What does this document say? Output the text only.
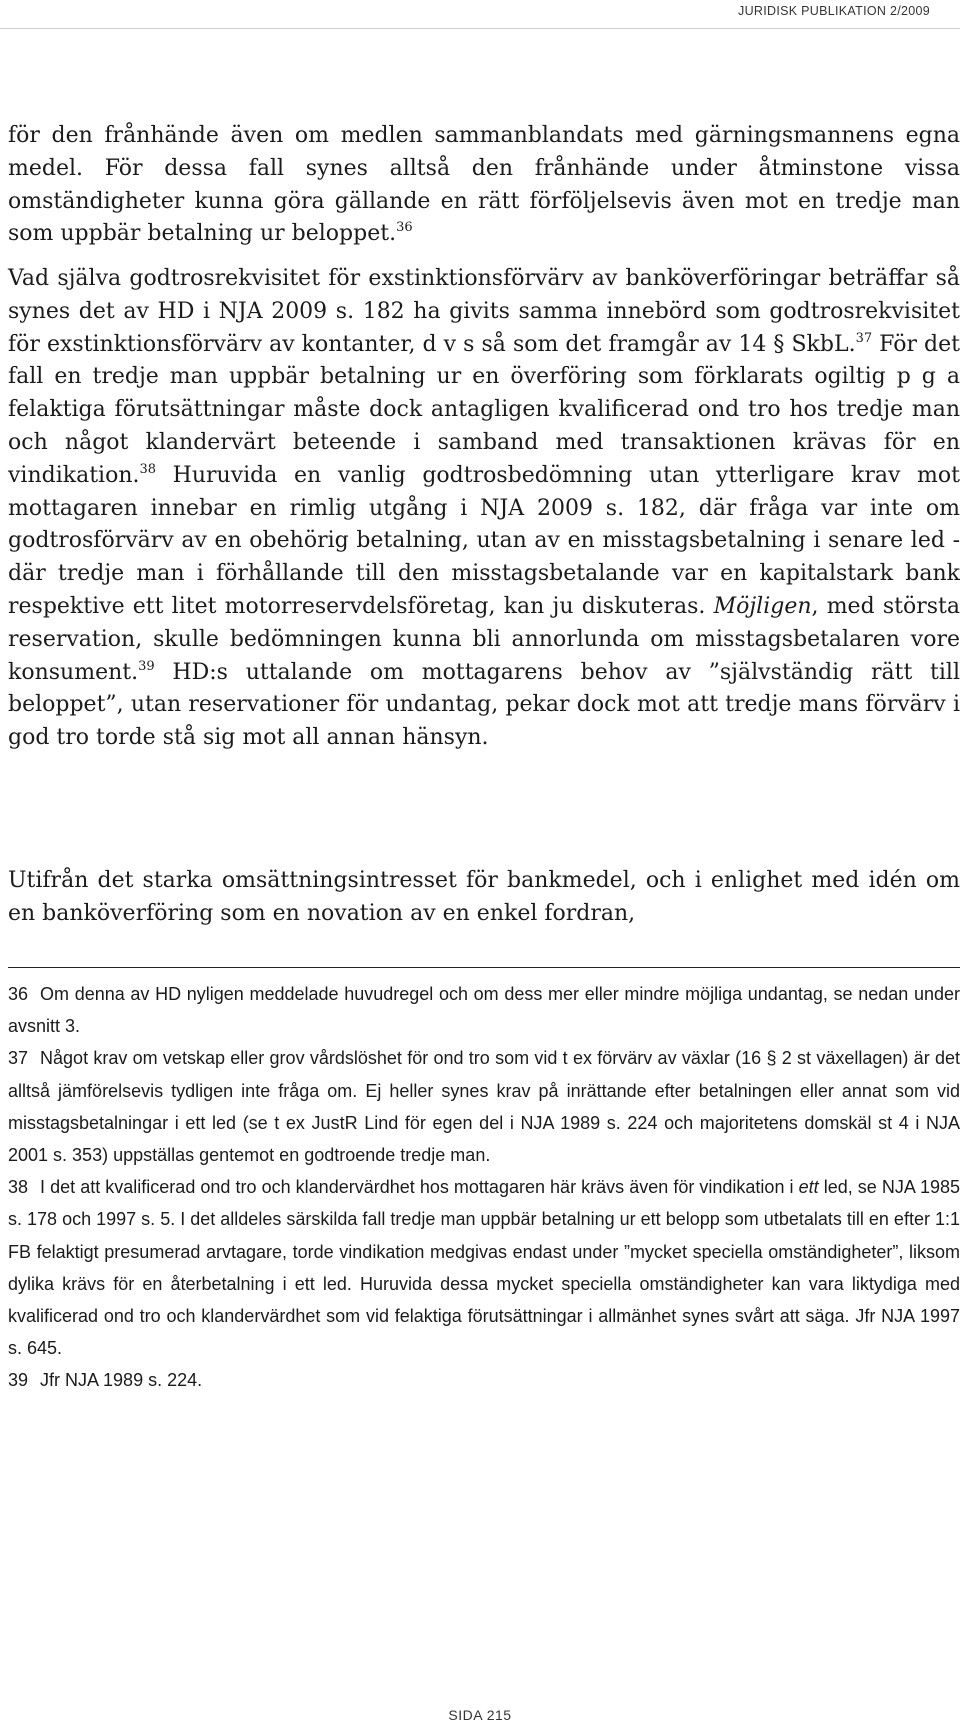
JURIDISK PUBLIKATION 2/2009

för den frånhände även om medlen sammanblandats med gärningsmannens egna medel. För dessa fall synes alltså den frånhände under åtminstone vissa omständigheter kunna göra gällande en rätt förföljelsevis även mot en tredje man som uppbär betalning ur beloppet.$^{36}$

Vad själva godtrosrekvisitet för exstinktionsförvärv av banköverföringar beträffar så synes det av HD i NJA 2009 s. 182 ha givits samma innebörd som godtrosrekvisitet för exstinktionsförvärv av kontanter, d v s så som det framgår av 14 § SkbL.$^{37}$ För det fall en tredje man uppbär betalning ur en överföring som förklarats ogiltig p g a felaktiga förutsättningar måste dock antagligen kvalificerad ond tro hos tredje man och något klandervärt beteende i samband med transaktionen krävas för en vindikation.$^{38}$ Huruvida en vanlig godtrosbedömning utan ytterligare krav mot mottagaren innebar en rimlig utgång i NJA 2009 s. 182, där fråga var inte om godtrosförvärv av en obehörig betalning, utan av en misstagsbetalning i senare led - där tredje man i förhållande till den misstagsbetalande var en kapitalstark bank respektive ett litet motorreservdelsföretag, kan ju diskuteras. Möjligen, med största reservation, skulle bedömningen kunna bli annorlunda om misstagsbetalaren vore konsument.$^{39}$ HD:s uttalande om mottagarens behov av ”självständig rätt till beloppet”, utan reservationer för undantag, pekar dock mot att tredje mans förvärv i god tro torde stå sig mot all annan hänsyn.

Utifrån det starka omsättningsintresset för bankmedel, och i enlighet med idén om en banköverföring som en novation av en enkel fordran,

36 Om denna av HD nyligen meddelade huvudregel och om dess mer eller mindre möjliga undantag, se nedan under avsnitt 3.

37 Något krav om vetskap eller grov vårdslöshet för ond tro som vid t ex förvärv av växlar (16 § 2 st växellagen) är det alltså jämförelsevis tydligen inte fråga om. Ej heller synes krav på inrättande efter betalningen eller annat som vid misstagsbetalningar i ett led (se t ex JustR Lind för egen del i NJA 1989 s. 224 och majoritetens domskäl st 4 i NJA 2001 s. 353) uppställas gentemot en godtroende tredje man.

38 I det att kvalificerad ond tro och klandervärdhet hos mottagaren här krävs även för vindikation i ett led, se NJA 1985 s. 178 och 1997 s. 5. I det alldeles särskilda fall tredje man uppbär betalning ur ett belopp som utbetalats till en efter 1:1 FB felaktigt presumerad arvtagare, torde vindikation medgivas endast under ”mycket speciella omständigheter”, liksom dylika krävs för en återbetalning i ett led. Huruvida dessa mycket speciella omständigheter kan vara liktydiga med kvalificerad ond tro och klandervärdhet som vid felaktiga förutsättningar i allmänhet synes svårt att säga. Jfr NJA 1997 s. 645.

39 Jfr NJA 1989 s. 224.

SIDA 215
